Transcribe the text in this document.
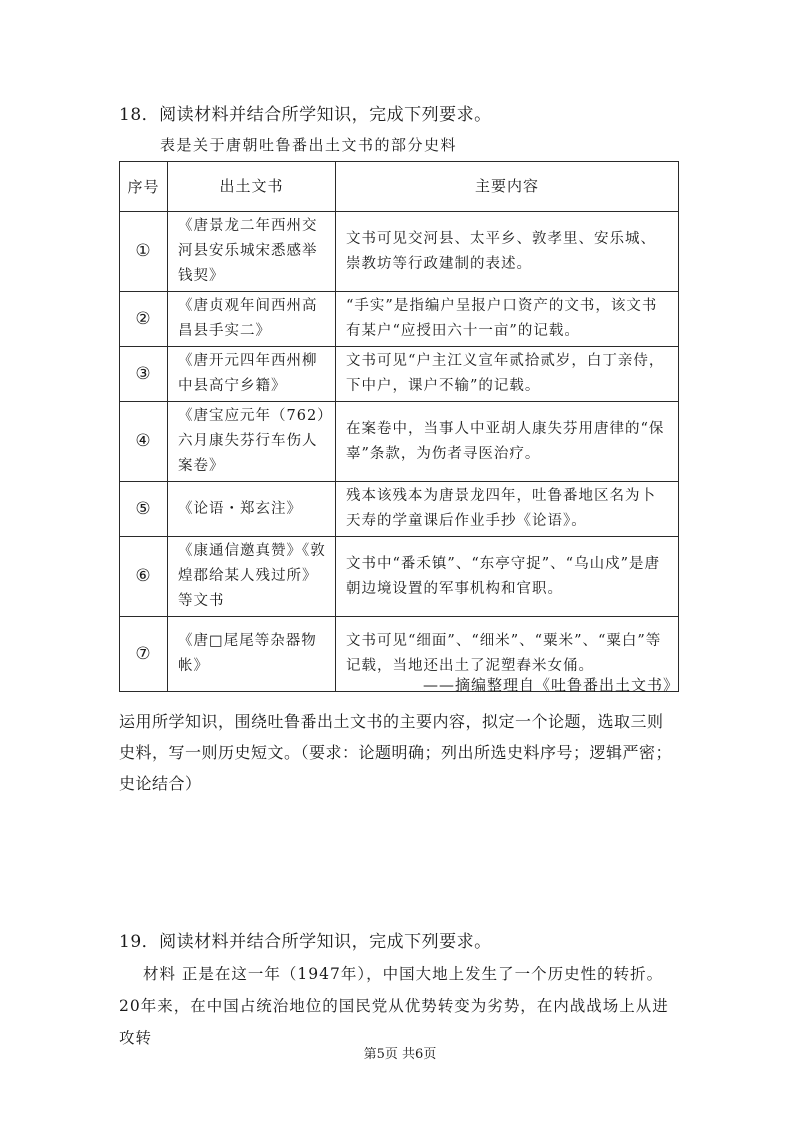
18．阅读材料并结合所学知识，完成下列要求。
表是关于唐朝吐鲁番出土文书的部分史料
序号	出土文书	主要内容
①	《唐景龙二年西州交河县安乐城宋悉感举钱契》	文书可见交河县、太平乡、敦孝里、安乐城、崇教坊等行政建制的表述。
②	《唐贞观年间西州高昌县手实二》	“手实”是指编户呈报户口资产的文书，该文书有某户“应授田六十一亩”的记载。
③	《唐开元四年西州柳中县高宁乡籍》	文书可见“户主江义宣年贰拾贰岁，白丁亲侍，下中户，课户不输”的记载。
④	《唐宝应元年（762）六月康失芬行车伤人案卷》	在案卷中，当事人中亚胡人康失芬用唐律的“保辜”条款，为伤者寻医治疗。
⑤	《论语・郑玄注》	残本该残本为唐景龙四年，吐鲁番地区名为卜天寿的学童课后作业手抄《论语》。
⑥	《康通信邀真赞》《敦煌郡给某人残过所》等文书	文书中“番禾镇”、“东亭守捉”、“乌山戍”是唐朝边境设置的军事机构和官职。
⑦	《唐□尾尾等杂器物帐》	文书可见“细面”、“细米”、“粟米”、“粟白”等记载，当地还出土了泥塑舂米女俑。
——摘编整理自《吐鲁番出土文书》
运用所学知识，围绕吐鲁番出土文书的主要内容，拟定一个论题，选取三则史料，写一则历史短文。（要求：论题明确；列出所选史料序号；逻辑严密；史论结合）
19．阅读材料并结合所学知识，完成下列要求。
材料 正是在这一年（1947年），中国大地上发生了一个历史性的转折。20年来，在中国占统治地位的国民党从优势转变为劣势，在内战战场上从进攻转
第5页 共6页
